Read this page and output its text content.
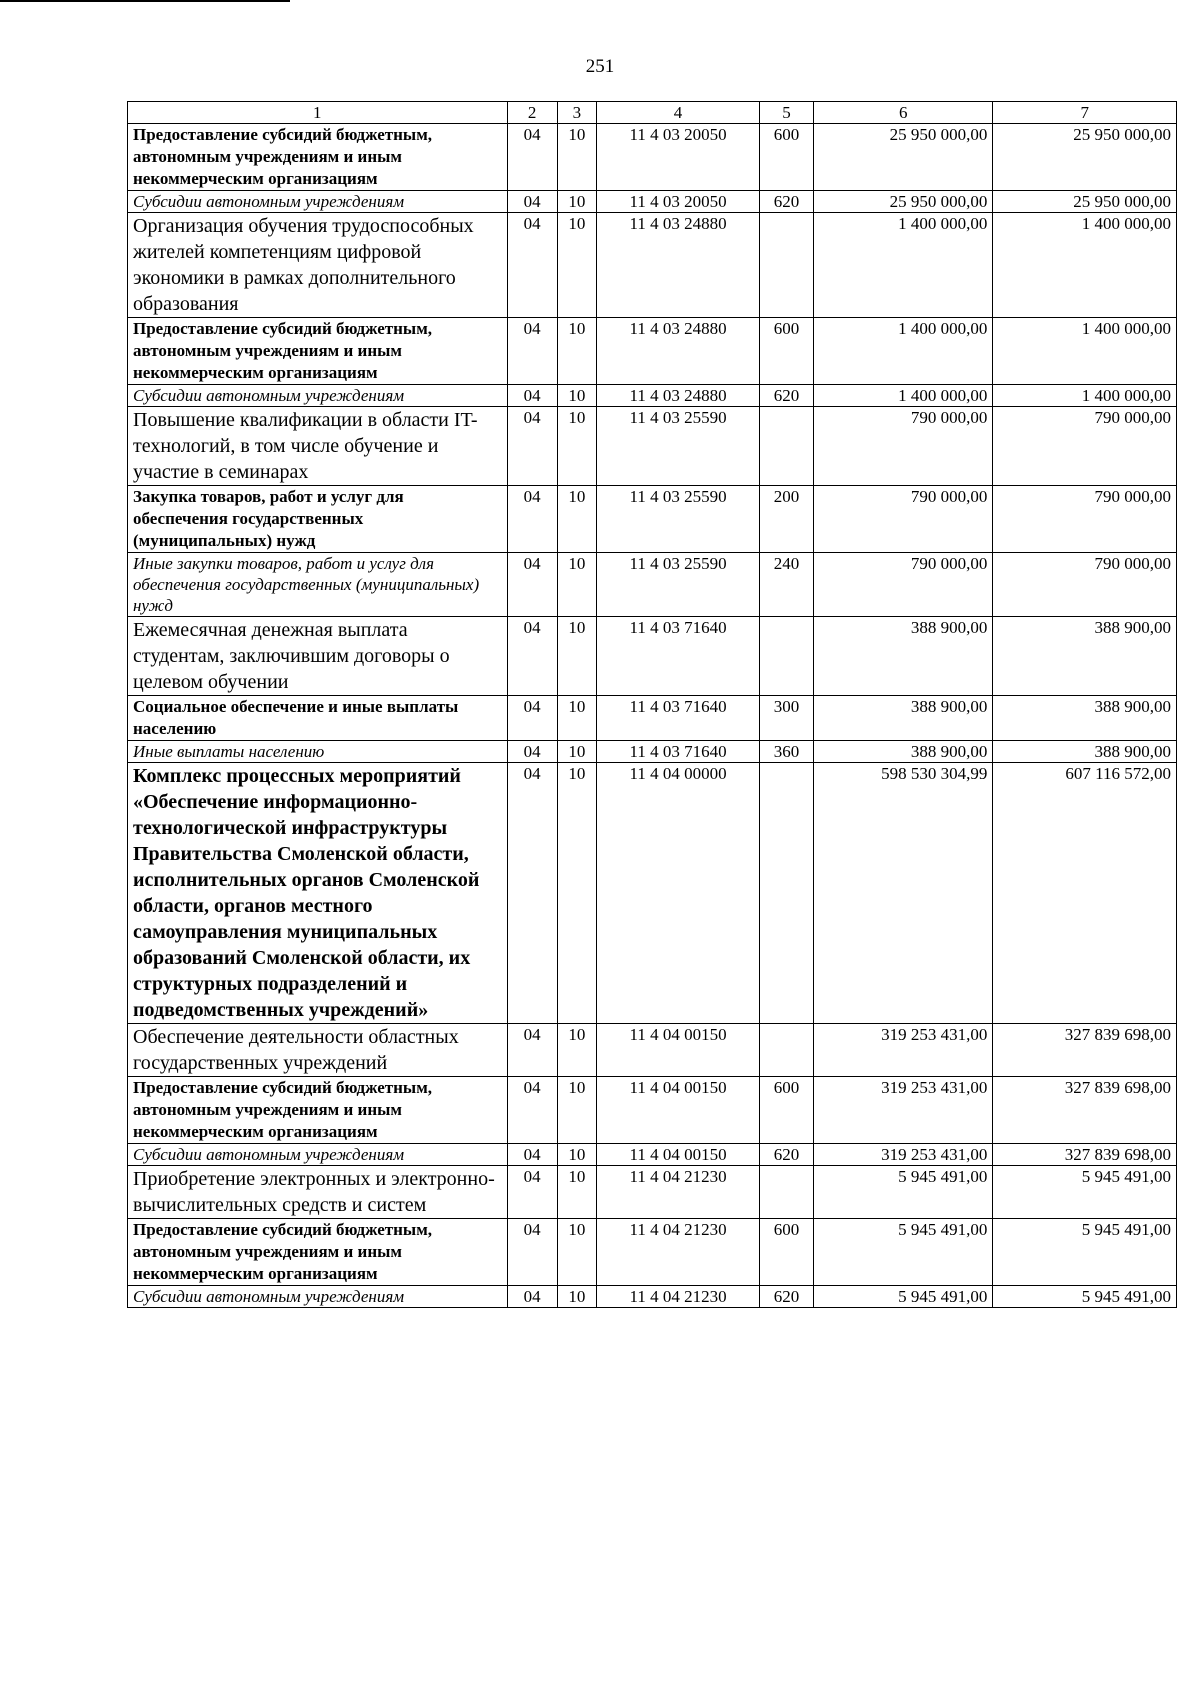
251
1	2	3	4	5	6	7
Предоставление субсидий бюджетным, автономным учреждениям и иным некоммерческим организациям	04	10	11 4 03 20050	600	25 950 000,00	25 950 000,00
Субсидии автономным учреждениям	04	10	11 4 03 20050	620	25 950 000,00	25 950 000,00
Организация обучения трудоспособных жителей компетенциям цифровой экономики в рамках дополнительного образования	04	10	11 4 03 24880		1 400 000,00	1 400 000,00
Предоставление субсидий бюджетным, автономным учреждениям и иным некоммерческим организациям	04	10	11 4 03 24880	600	1 400 000,00	1 400 000,00
Субсидии автономным учреждениям	04	10	11 4 03 24880	620	1 400 000,00	1 400 000,00
Повышение квалификации в области IT-технологий, в том числе обучение и участие в семинарах	04	10	11 4 03 25590		790 000,00	790 000,00
Закупка товаров, работ и услуг для обеспечения государственных (муниципальных) нужд	04	10	11 4 03 25590	200	790 000,00	790 000,00
Иные закупки товаров, работ и услуг для обеспечения государственных (муниципальных) нужд	04	10	11 4 03 25590	240	790 000,00	790 000,00
Ежемесячная денежная выплата студентам, заключившим договоры о целевом обучении	04	10	11 4 03 71640		388 900,00	388 900,00
Социальное обеспечение и иные выплаты населению	04	10	11 4 03 71640	300	388 900,00	388 900,00
Иные выплаты населению	04	10	11 4 03 71640	360	388 900,00	388 900,00
Комплекс процессных мероприятий «Обеспечение информационно-технологической инфраструктуры Правительства Смоленской области, исполнительных органов Смоленской области, органов местного самоуправления муниципальных образований Смоленской области, их структурных подразделений и подведомственных учреждений»	04	10	11 4 04 00000		598 530 304,99	607 116 572,00
Обеспечение деятельности областных государственных учреждений	04	10	11 4 04 00150		319 253 431,00	327 839 698,00
Предоставление субсидий бюджетным, автономным учреждениям и иным некоммерческим организациям	04	10	11 4 04 00150	600	319 253 431,00	327 839 698,00
Субсидии автономным учреждениям	04	10	11 4 04 00150	620	319 253 431,00	327 839 698,00
Приобретение электронных и электронно-вычислительных средств и систем	04	10	11 4 04 21230		5 945 491,00	5 945 491,00
Предоставление субсидий бюджетным, автономным учреждениям и иным некоммерческим организациям	04	10	11 4 04 21230	600	5 945 491,00	5 945 491,00
Субсидии автономным учреждениям	04	10	11 4 04 21230	620	5 945 491,00	5 945 491,00
